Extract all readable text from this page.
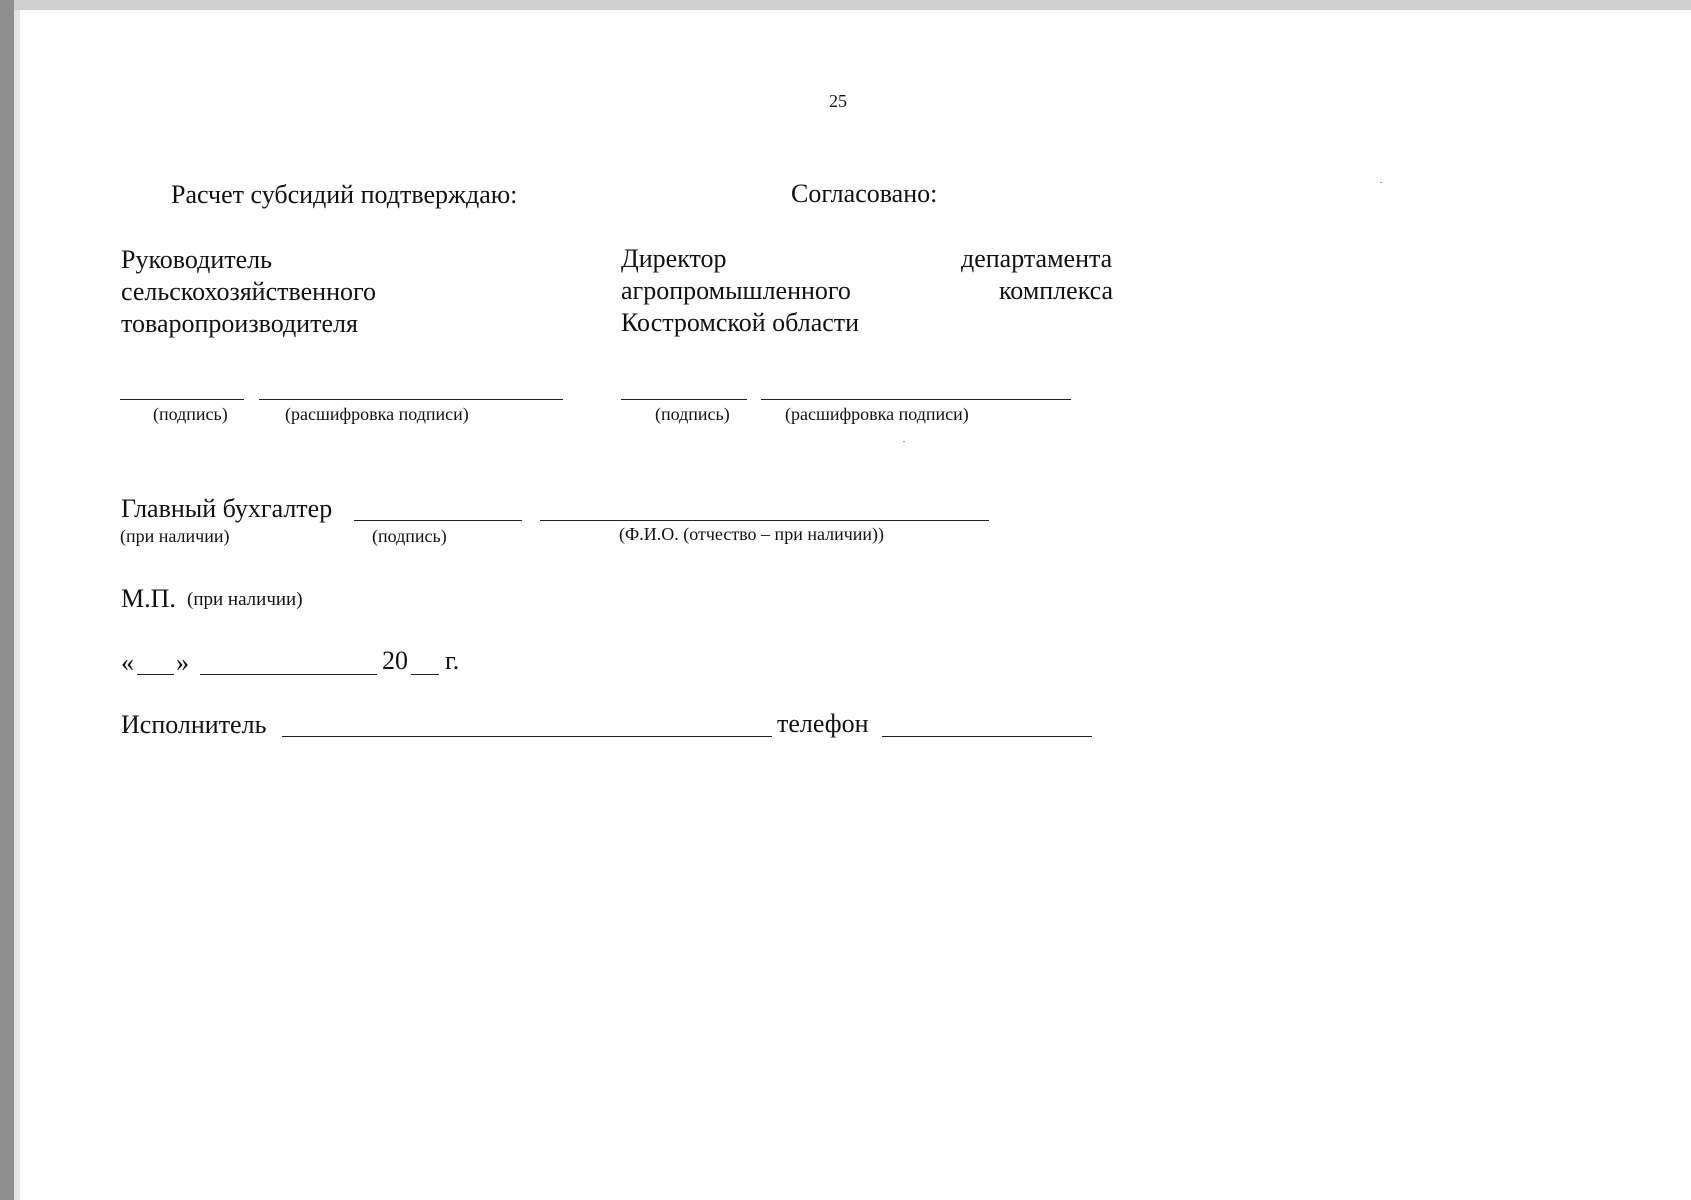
25
Расчет субсидий подтверждаю:	Согласовано:
Руководитель
сельскохозяйственного
товаропроизводителя
Директор	департамента
агропромышленного	комплекса
Костромской области
(подпись)	(расшифровка подписи)	(подпись)	(расшифровка подписи)
Главный бухгалтер
(при наличии)	(подпись)	(Ф.И.О. (отчество – при наличии))
М.П. (при наличии)
« »	20 г.
Исполнитель	телефон
